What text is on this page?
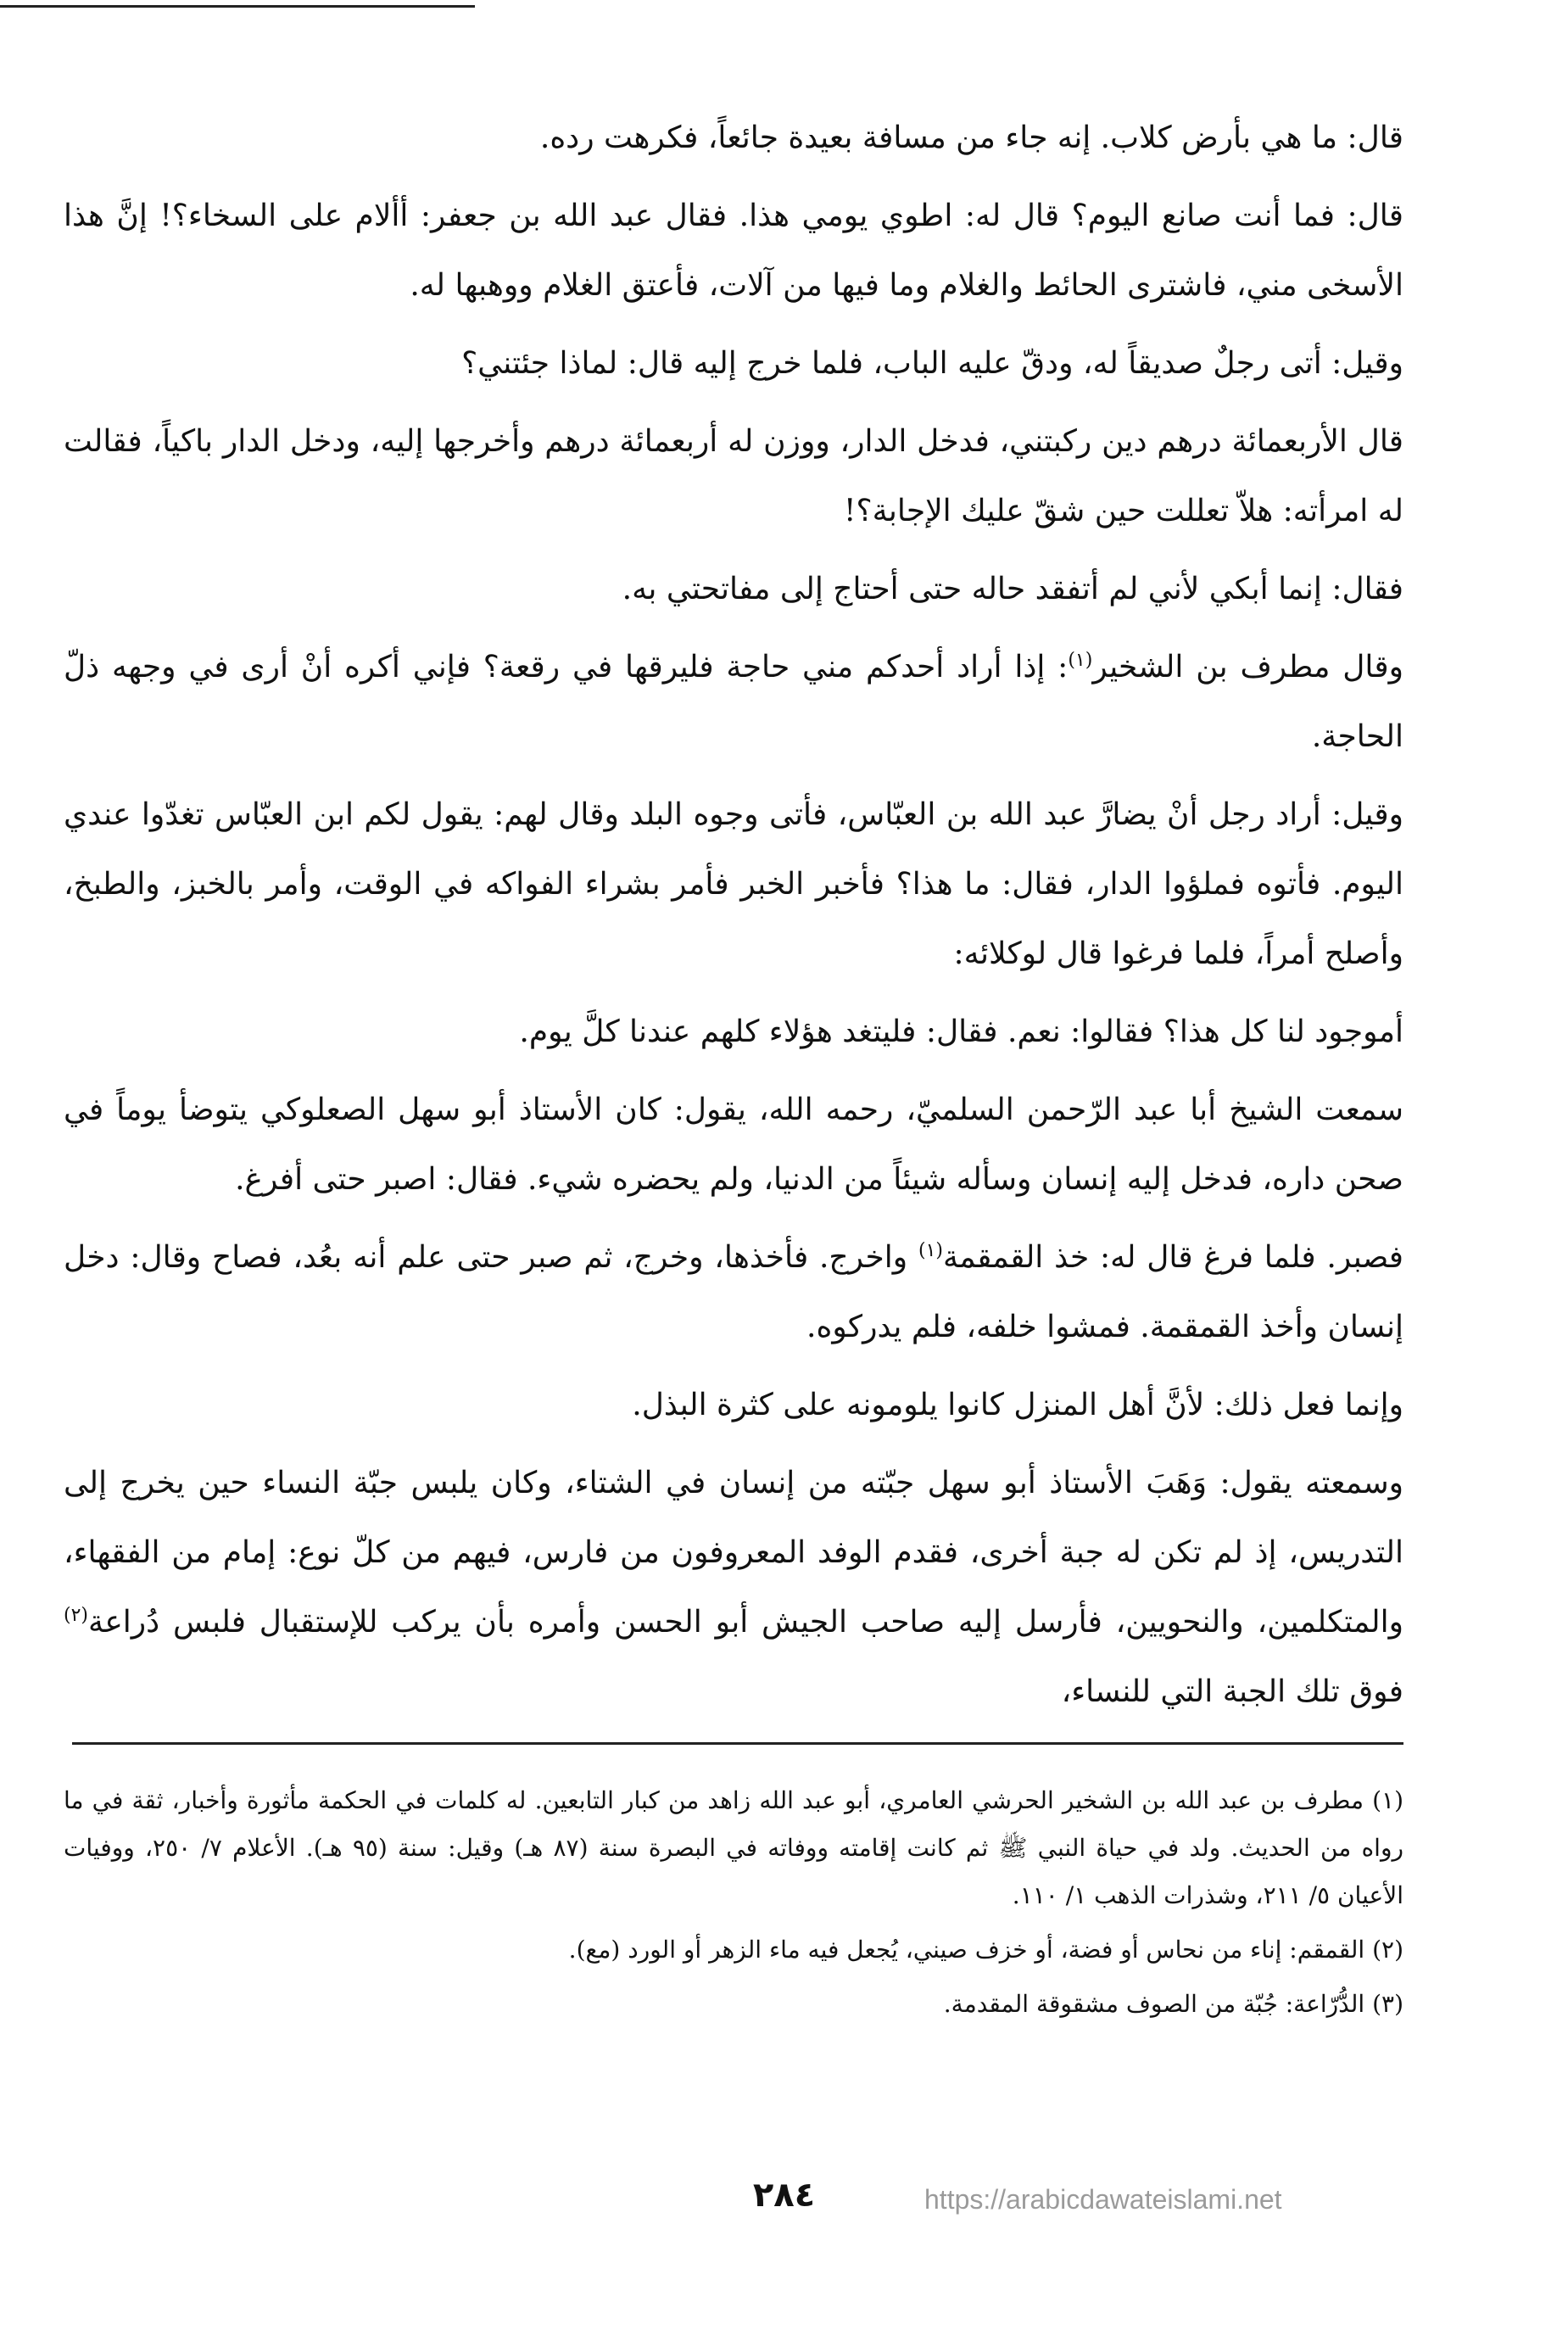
قال: ما هي بأرض كلاب. إنه جاء من مسافة بعيدة جائعاً، فكرهت رده.

قال: فما أنت صانع اليوم؟ قال له: اطوي يومي هذا. فقال عبد الله بن جعفر: أألام على السخاء؟! إنَّ هذا الأسخى مني، فاشترى الحائط والغلام وما فيها من آلات، فأعتق الغلام ووهبها له.

وقيل: أتى رجلٌ صديقاً له، ودقّ عليه الباب، فلما خرج إليه قال: لماذا جئتني؟

قال الأربعمائة درهم دين ركبتني، فدخل الدار، ووزن له أربعمائة درهم وأخرجها إليه، ودخل الدار باكياً، فقالت له امرأته: هلاّ تعللت حين شقّ عليك الإجابة؟!

فقال: إنما أبكي لأني لم أتفقد حاله حتى أحتاج إلى مفاتحتي به.

وقال مطرف بن الشخير$^{(١)}$: إذا أراد أحدكم مني حاجة فليرقها في رقعة؟ فإني أكره أنْ أرى في وجهه ذلّ الحاجة.

وقيل: أراد رجل أنْ يضارَّ عبد الله بن العبّاس، فأتى وجوه البلد وقال لهم: يقول لكم ابن العبّاس تغدّوا عندي اليوم. فأتوه فملؤوا الدار، فقال: ما هذا؟ فأخبر الخبر فأمر بشراء الفواكه في الوقت، وأمر بالخبز، والطبخ، وأصلح أمراً، فلما فرغوا قال لوكلائه:

أموجود لنا كل هذا؟ فقالوا: نعم. فقال: فليتغد هؤلاء كلهم عندنا كلَّ يوم.

سمعت الشيخ أبا عبد الرّحمن السلميّ، رحمه الله، يقول: كان الأستاذ أبو سهل الصعلوكي يتوضأ يوماً في صحن داره، فدخل إليه إنسان وسأله شيئاً من الدنيا، ولم يحضره شيء. فقال: اصبر حتى أفرغ.

فصبر. فلما فرغ قال له: خذ القمقمة$^{(١)}$ واخرج. فأخذها، وخرج، ثم صبر حتى علم أنه بعُد، فصاح وقال: دخل إنسان وأخذ القمقمة. فمشوا خلفه، فلم يدركوه.

وإنما فعل ذلك: لأنَّ أهل المنزل كانوا يلومونه على كثرة البذل.

وسمعته يقول: وَهَبَ الأستاذ أبو سهل جبّته من إنسان في الشتاء، وكان يلبس جبّة النساء حين يخرج إلى التدريس، إذ لم تكن له جبة أخرى، فقدم الوفد المعروفون من فارس، فيهم من كلّ نوع: إمام من الفقهاء، والمتكلمين، والنحويين، فأرسل إليه صاحب الجيش أبو الحسن وأمره بأن يركب للإستقبال فلبس دُراعة$^{(٢)}$ فوق تلك الجبة التي للنساء،

(١) مطرف بن عبد الله بن الشخير الحرشي العامري، أبو عبد الله زاهد من كبار التابعين. له كلمات في الحكمة مأثورة وأخبار، ثقة في ما رواه من الحديث. ولد في حياة النبي ﷺ ثم كانت إقامته ووفاته في البصرة سنة (٨٧ هـ) وقيل: سنة (٩٥ هـ). الأعلام ٧/ ٢٥٠، ووفيات الأعيان ٥/ ٢١١، وشذرات الذهب ١/ ١١٠.

(٢) القمقم: إناء من نحاس أو فضة، أو خزف صيني، يُجعل فيه ماء الزهر أو الورد (مع).

(٣) الدُّرّاعة: جُبّة من الصوف مشقوقة المقدمة.

٢٨٤	https://arabicdawateislami.net
